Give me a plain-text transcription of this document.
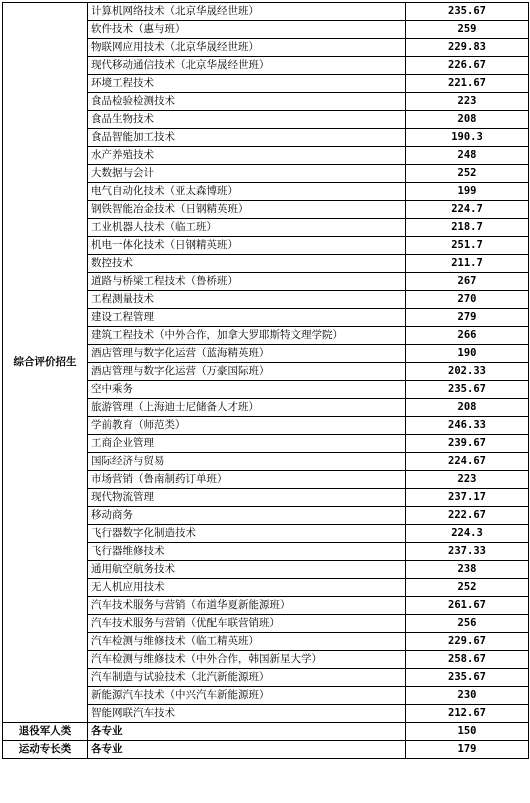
综合评价招生	计算机网络技术（北京华晟经世班）	235.67
	软件技术（惠与班）	259
	物联网应用技术（北京华晟经世班）	229.83
	现代移动通信技术（北京华晟经世班）	226.67
	环境工程技术	221.67
	食品检验检测技术	223
	食品生物技术	208
	食品智能加工技术	190.3
	水产养殖技术	248
	大数据与会计	252
	电气自动化技术（亚太森博班）	199
	钢铁智能冶金技术（日钢精英班）	224.7
	工业机器人技术（临工班）	218.7
	机电一体化技术（日钢精英班）	251.7
	数控技术	211.7
	道路与桥梁工程技术（鲁桥班）	267
	工程测量技术	270
	建设工程管理	279
	建筑工程技术（中外合作，加拿大罗耶斯特文理学院）	266
	酒店管理与数字化运营（蓝海精英班）	190
	酒店管理与数字化运营（万豪国际班）	202.33
	空中乘务	235.67
	旅游管理（上海迪士尼储备人才班）	208
	学前教育（师范类）	246.33
	工商企业管理	239.67
	国际经济与贸易	224.67
	市场营销（鲁南制药订单班）	223
	现代物流管理	237.17
	移动商务	222.67
	飞行器数字化制造技术	224.3
	飞行器维修技术	237.33
	通用航空航务技术	238
	无人机应用技术	252
	汽车技术服务与营销（布道华夏新能源班）	261.67
	汽车技术服务与营销（优配车联营销班）	256
	汽车检测与维修技术（临工精英班）	229.67
	汽车检测与维修技术（中外合作，韩国新星大学）	258.67
	汽车制造与试验技术（北汽新能源班）	235.67
	新能源汽车技术（中兴汽车新能源班）	230
	智能网联汽车技术	212.67
退役军人类	各专业	150
运动专长类	各专业	179
